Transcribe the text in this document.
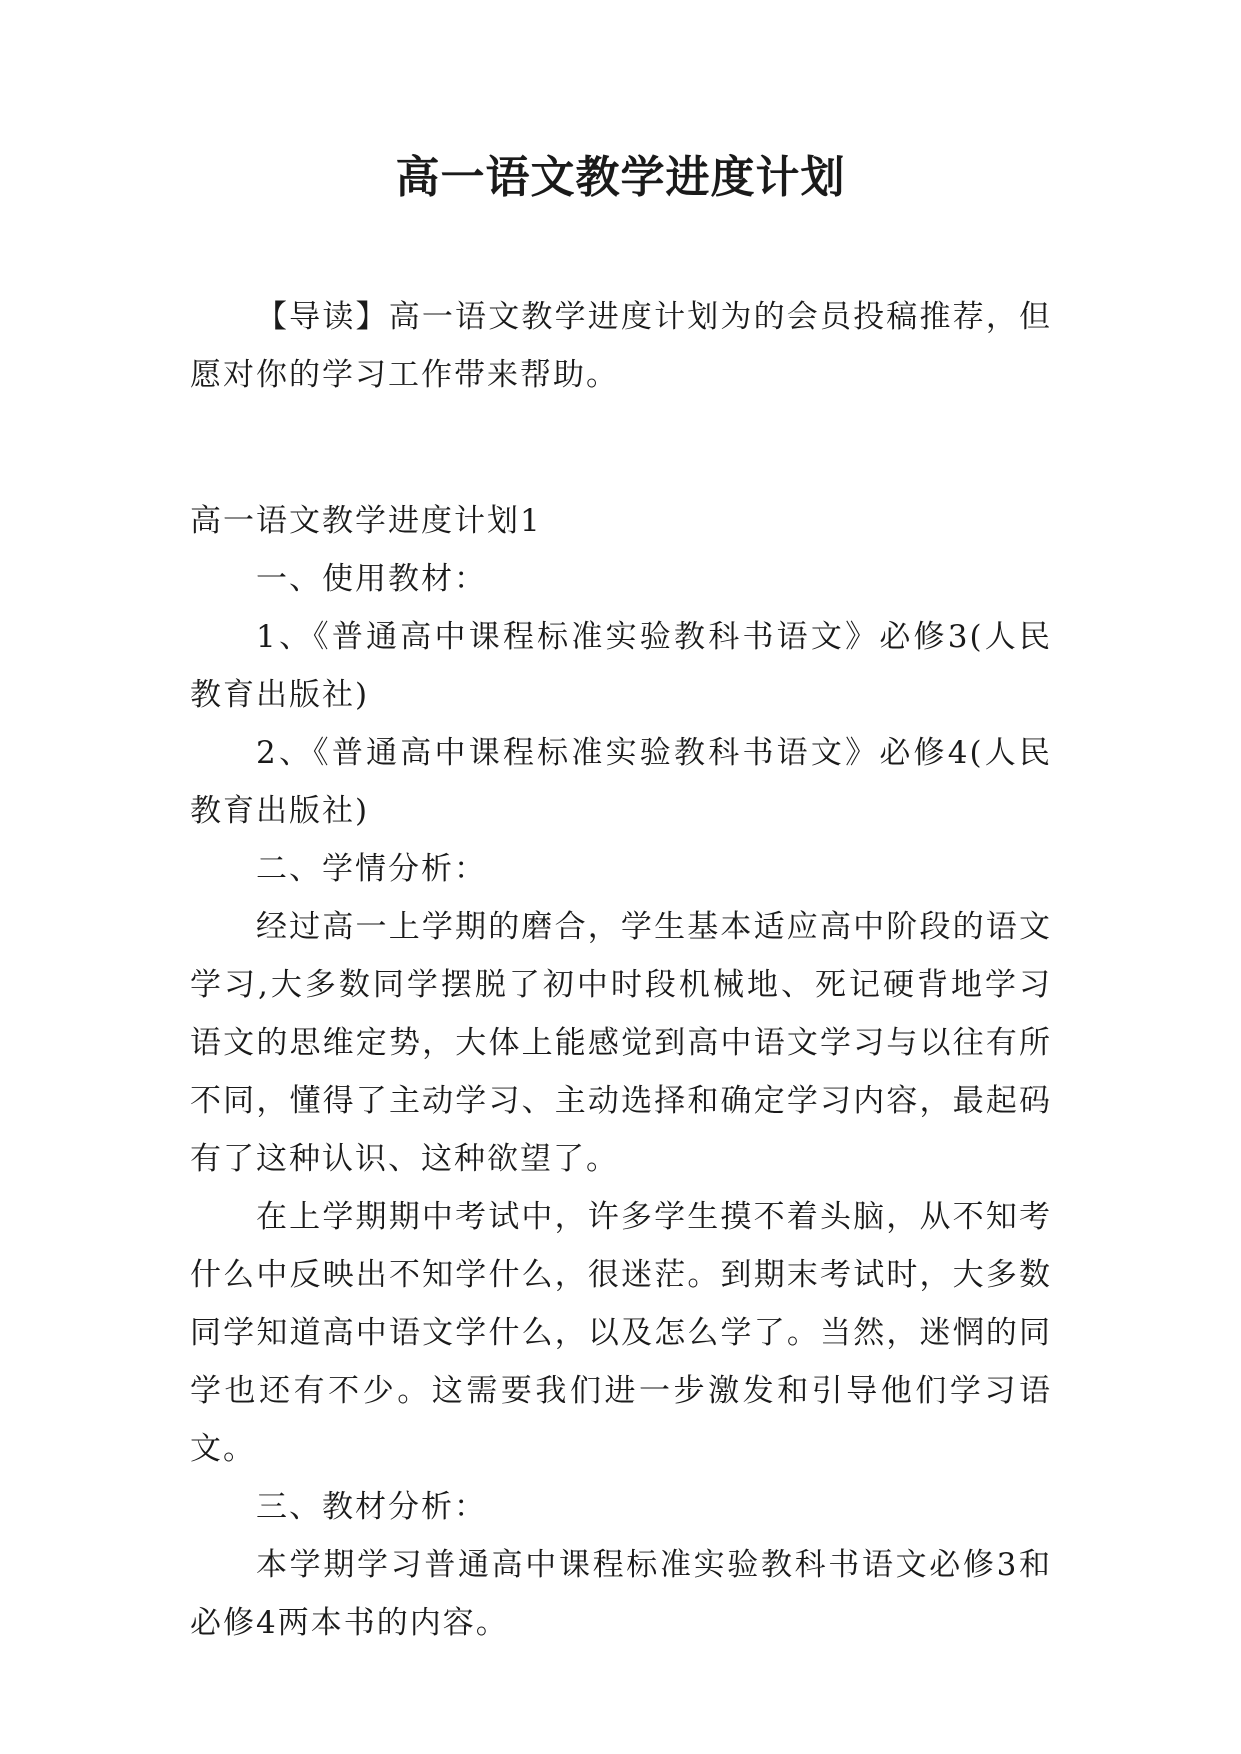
高一语文教学进度计划

【导读】高一语文教学进度计划为的会员投稿推荐，但愿对你的学习工作带来帮助。

高一语文教学进度计划1

一、使用教材：

1、《普通高中课程标准实验教科书语文》必修3(人民教育出版社)

2、《普通高中课程标准实验教科书语文》必修4(人民教育出版社)

二、学情分析：

经过高一上学期的磨合，学生基本适应高中阶段的语文学习,大多数同学摆脱了初中时段机械地、死记硬背地学习语文的思维定势，大体上能感觉到高中语文学习与以往有所不同，懂得了主动学习、主动选择和确定学习内容，最起码有了这种认识、这种欲望了。

在上学期期中考试中，许多学生摸不着头脑，从不知考什么中反映出不知学什么，很迷茫。到期末考试时，大多数同学知道高中语文学什么，以及怎么学了。当然，迷惘的同学也还有不少。这需要我们进一步激发和引导他们学习语文。

三、教材分析：

本学期学习普通高中课程标准实验教科书语文必修3和必修4两本书的内容。
